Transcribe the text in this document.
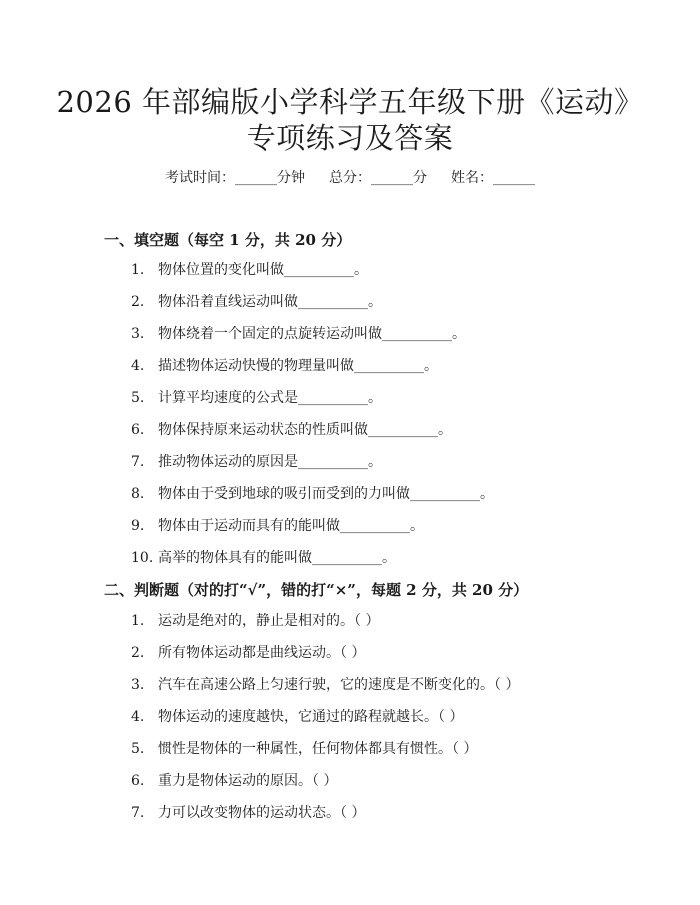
2026 年部编版小学科学五年级下册《运动》
专项练习及答案
考试时间：______分钟 总分：______分 姓名：______
一、填空题（每空 1 分，共 20 分）
1. 物体位置的变化叫做__________。
2. 物体沿着直线运动叫做__________。
3. 物体绕着一个固定的点旋转运动叫做__________。
4. 描述物体运动快慢的物理量叫做__________。
5. 计算平均速度的公式是__________。
6. 物体保持原来运动状态的性质叫做__________。
7. 推动物体运动的原因是__________。
8. 物体由于受到地球的吸引而受到的力叫做__________。
9. 物体由于运动而具有的能叫做__________。
10. 高举的物体具有的能叫做__________。
二、判断题（对的打“√”，错的打“×”，每题 2 分，共 20 分）
1. 运动是绝对的，静止是相对的。（ ）
2. 所有物体运动都是曲线运动。（ ）
3. 汽车在高速公路上匀速行驶，它的速度是不断变化的。（ ）
4. 物体运动的速度越快，它通过的路程就越长。（ ）
5. 惯性是物体的一种属性，任何物体都具有惯性。（ ）
6. 重力是物体运动的原因。（ ）
7. 力可以改变物体的运动状态。（ ）
